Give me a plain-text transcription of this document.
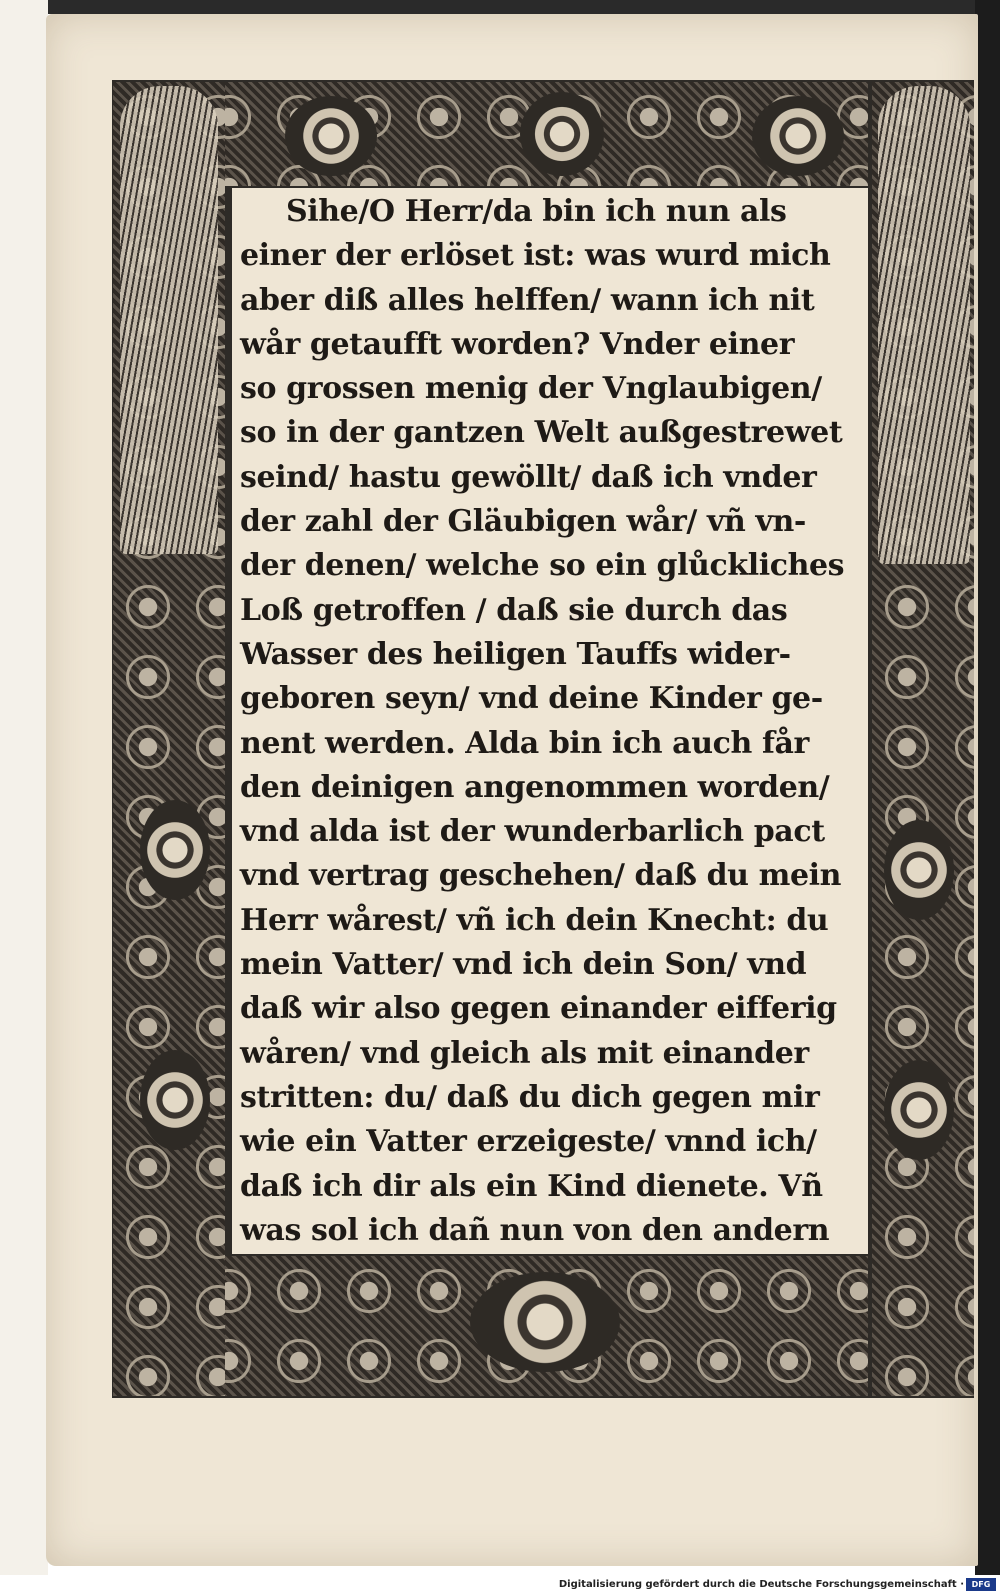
Sihe/O Herr/da bin ich nun als
einer der erlöset ist: was wurd mich
aber diß alles helffen/ wann ich nit
wår getaufft worden? Vnder einer
so grossen menig der Vnglaubigen/
so in der gantzen Welt außgestrewet
seind/ hastu gewöllt/ daß ich vnder
der zahl der Gläubigen wår/ vñ vn-
der denen/ welche so ein glůckliches
Loß getroffen / daß sie durch das
Wasser des heiligen Tauffs wider-
geboren seyn/ vnd deine Kinder ge-
nent werden. Alda bin ich auch får
den deinigen angenommen worden/
vnd alda ist der wunderbarlich pact
vnd vertrag geschehen/ daß du mein
Herr wårest/ vñ ich dein Knecht: du
mein Vatter/ vnd ich dein Son/ vnd
daß wir also gegen einander eifferig
wåren/ vnd gleich als mit einander
stritten: du/ daß du dich gegen mir
wie ein Vatter erzeigeste/ vnnd ich/
daß ich dir als ein Kind dienete. Vñ
was sol ich dañ nun von den andern
Digitalisierung gefördert durch die Deutsche Forschungsgemeinschaft · DFG
